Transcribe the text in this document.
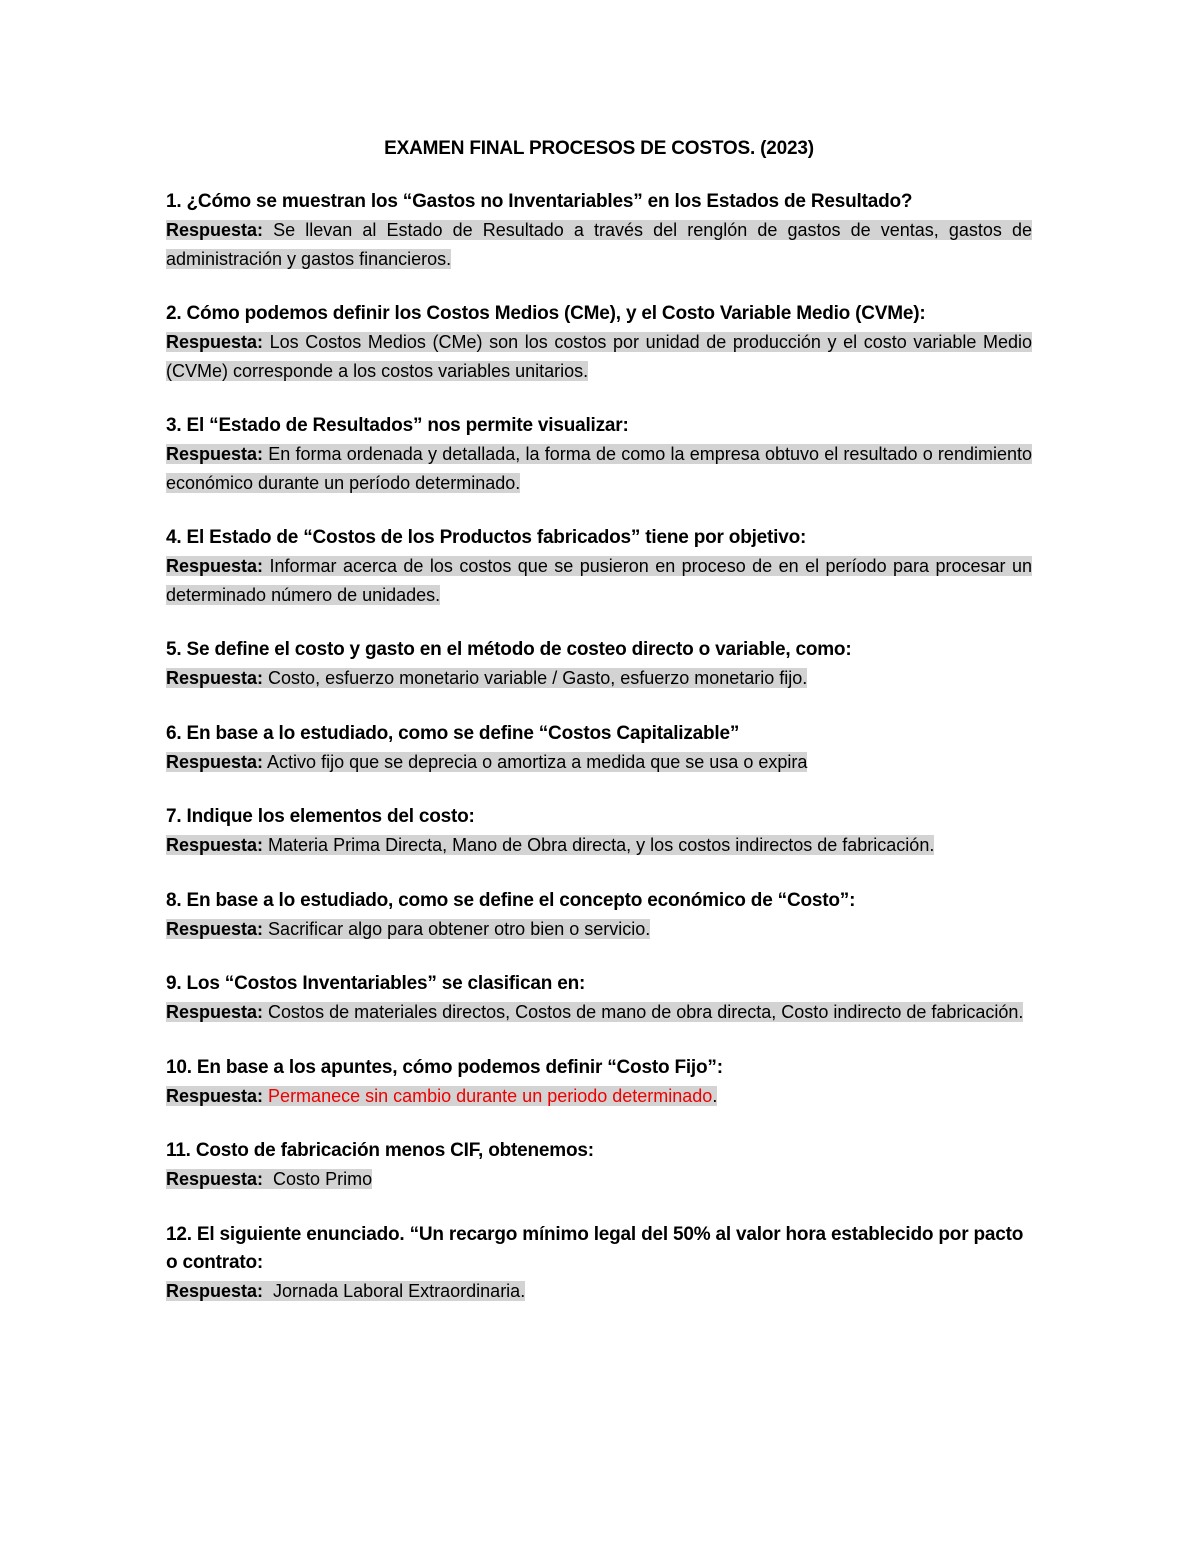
EXAMEN FINAL PROCESOS DE COSTOS. (2023)

1. ¿Cómo se muestran los “Gastos no Inventariables” en los Estados de Resultado?

Respuesta: Se llevan al Estado de Resultado a través del renglón de gastos de ventas, gastos de administración y gastos financieros.

2. Cómo podemos definir los Costos Medios (CMe), y el Costo Variable Medio (CVMe):

Respuesta: Los Costos Medios (CMe) son los costos por unidad de producción y el costo variable Medio (CVMe) corresponde a los costos variables unitarios.

3. El “Estado de Resultados” nos permite visualizar:

Respuesta: En forma ordenada y detallada, la forma de como la empresa obtuvo el resultado o rendimiento económico durante un período determinado.

4. El Estado de “Costos de los Productos fabricados” tiene por objetivo:

Respuesta: Informar acerca de los costos que se pusieron en proceso de en el período para procesar un determinado número de unidades.

5. Se define el costo y gasto en el método de costeo directo o variable, como:

Respuesta: Costo, esfuerzo monetario variable / Gasto, esfuerzo monetario fijo.

6. En base a lo estudiado, como se define “Costos Capitalizable”

Respuesta: Activo fijo que se deprecia o amortiza a medida que se usa o expira

7. Indique los elementos del costo:

Respuesta: Materia Prima Directa, Mano de Obra directa, y los costos indirectos de fabricación.

8. En base a lo estudiado, como se define el concepto económico de “Costo”:

Respuesta: Sacrificar algo para obtener otro bien o servicio.

9. Los “Costos Inventariables” se clasifican en:

Respuesta: Costos de materiales directos, Costos de mano de obra directa, Costo indirecto de fabricación.

10. En base a los apuntes, cómo podemos definir “Costo Fijo”:

Respuesta: Permanece sin cambio durante un periodo determinado.

11. Costo de fabricación menos CIF, obtenemos:

Respuesta: Costo Primo

12. El siguiente enunciado. “Un recargo mínimo legal del 50% al valor hora establecido por pacto o contrato:

Respuesta: Jornada Laboral Extraordinaria.
